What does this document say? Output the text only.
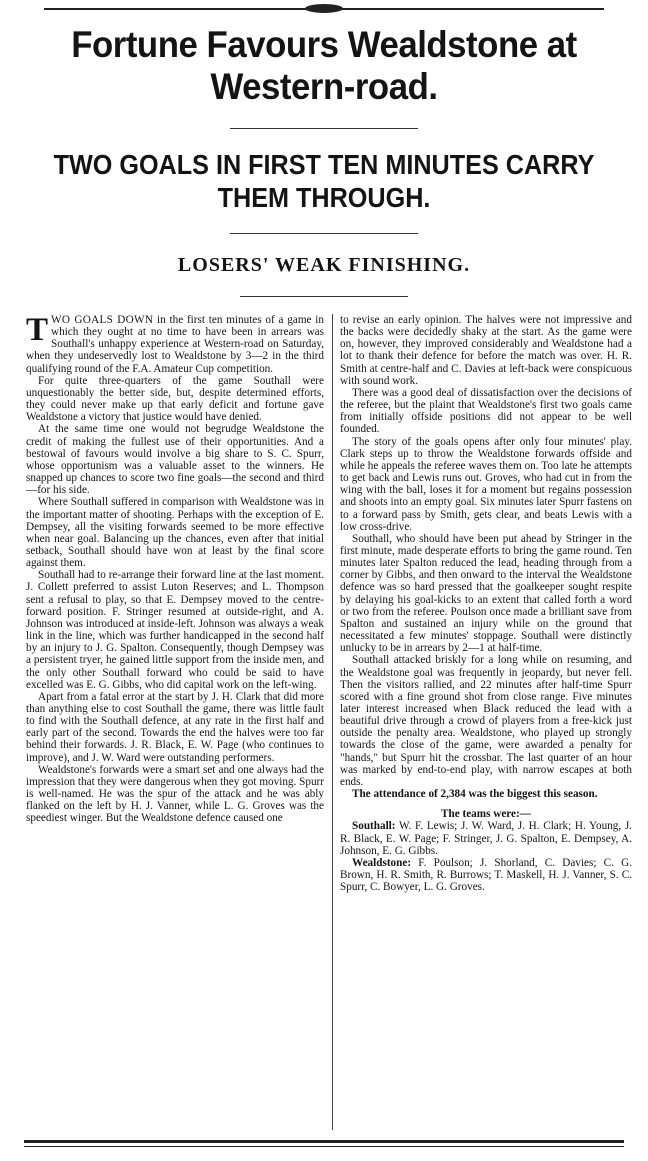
Fortune Favours Wealdstone at Western-road.
TWO GOALS IN FIRST TEN MINUTES CARRY THEM THROUGH.
LOSERS' WEAK FINISHING.

TWO GOALS DOWN in the first ten minutes of a game in which they ought at no time to have been in arrears was Southall's unhappy experience at Western-road on Saturday, when they undeservedly lost to Wealdstone by 3—2 in the third qualifying round of the F.A. Amateur Cup competition.

For quite three-quarters of the game Southall were unquestionably the better side, but, despite determined efforts, they could never make up that early deficit and fortune gave Wealdstone a victory that justice would have denied.

At the same time one would not begrudge Wealdstone the credit of making the fullest use of their opportunities. And a bestowal of favours would involve a big share to S. C. Spurr, whose opportunism was a valuable asset to the winners. He snapped up chances to score two fine goals—the second and third—for his side.

Where Southall suffered in comparison with Wealdstone was in the important matter of shooting. Perhaps with the exception of E. Dempsey, all the visiting forwards seemed to be more effective when near goal. Balancing up the chances, even after that initial setback, Southall should have won at least by the final score against them.

Southall had to re-arrange their forward line at the last moment. J. Collett preferred to assist Luton Reserves; and L. Thompson sent a refusal to play, so that E. Dempsey moved to the centre-forward position. F. Stringer resumed at outside-right, and A. Johnson was introduced at inside-left. Johnson was always a weak link in the line, which was further handicapped in the second half by an injury to J. G. Spalton. Consequently, though Dempsey was a persistent tryer, he gained little support from the inside men, and the only other Southall forward who could be said to have excelled was E. G. Gibbs, who did capital work on the left-wing.

Apart from a fatal error at the start by J. H. Clark that did more than anything else to cost Southall the game, there was little fault to find with the Southall defence, at any rate in the first half and early part of the second. Towards the end the halves were too far behind their forwards. J. R. Black, E. W. Page (who continues to improve), and J. W. Ward were outstanding performers.

Wealdstone's forwards were a smart set and one always had the impression that they were dangerous when they got moving. Spurr is well-named. He was the spur of the attack and he was ably flanked on the left by H. J. Vanner, while L. G. Groves was the speediest winger. But the Wealdstone defence caused one

to revise an early opinion. The halves were not impressive and the backs were decidedly shaky at the start. As the game were on, however, they improved considerably and Wealdstone had a lot to thank their defence for before the match was over. H. R. Smith at centre-half and C. Davies at left-back were conspicuous with sound work.

There was a good deal of dissatisfaction over the decisions of the referee, but the plaint that Wealdstone's first two goals came from initially offside positions did not appear to be well founded.

The story of the goals opens after only four minutes' play. Clark steps up to throw the Wealdstone forwards offside and while he appeals the referee waves them on. Too late he attempts to get back and Lewis runs out. Groves, who had cut in from the wing with the ball, loses it for a moment but regains possession and shoots into an empty goal. Six minutes later Spurr fastens on to a forward pass by Smith, gets clear, and beats Lewis with a low cross-drive.

Southall, who should have been put ahead by Stringer in the first minute, made desperate efforts to bring the game round. Ten minutes later Spalton reduced the lead, heading through from a corner by Gibbs, and then onward to the interval the Wealdstone defence was so hard pressed that the goalkeeper sought respite by delaying his goal-kicks to an extent that called forth a word or two from the referee. Poulson once made a brilliant save from Spalton and sustained an injury while on the ground that necessitated a few minutes' stoppage. Southall were distinctly unlucky to be in arrears by 2—1 at half-time.

Southall attacked briskly for a long while on resuming, and the Wealdstone goal was frequently in jeopardy, but never fell. Then the visitors rallied, and 22 minutes after half-time Spurr scored with a fine ground shot from close range. Five minutes later interest increased when Black reduced the lead with a beautiful drive through a crowd of players from a free-kick just outside the penalty area. Wealdstone, who played up strongly towards the close of the game, were awarded a penalty for "hands," but Spurr hit the crossbar. The last quarter of an hour was marked by end-to-end play, with narrow escapes at both ends.

The attendance of 2,384 was the biggest this season.

The teams were:—

Southall: W. F. Lewis; J. W. Ward, J. H. Clark; H. Young, J. R. Black, E. W. Page; F. Stringer, J. G. Spalton, E. Dempsey, A. Johnson, E. G. Gibbs.

Wealdstone: F. Poulson; J. Shorland, C. Davies; C. G. Brown, H. R. Smith, R. Burrows; T. Maskell, H. J. Vanner, S. C. Spurr, C. Bowyer, L. G. Groves.
